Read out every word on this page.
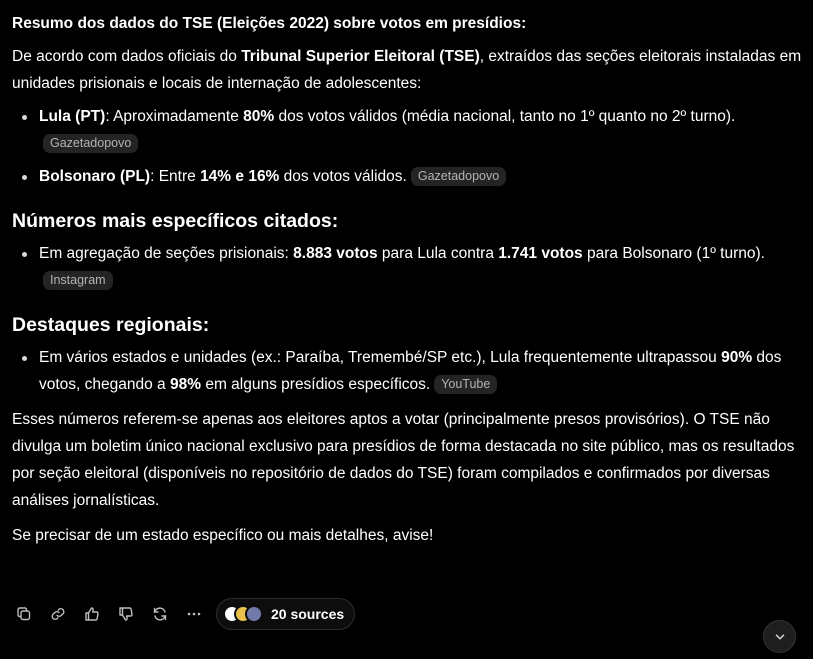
Resumo dos dados do TSE (Eleições 2022) sobre votos em presídios:

De acordo com dados oficiais do Tribunal Superior Eleitoral (TSE), extraídos das seções eleitorais instaladas em unidades prisionais e locais de internação de adolescentes:

Lula (PT): Aproximadamente 80% dos votos válidos (média nacional, tanto no 1º quanto no 2º turno).Gazetadopovo
Bolsonaro (PL): Entre 14% e 16% dos votos válidos. Gazetadopovo
Números mais específicos citados:
Em agregação de seções prisionais: 8.883 votos para Lula contra 1.741 votos para Bolsonaro (1º turno).Instagram
Destaques regionais:
Em vários estados e unidades (ex.: Paraíba, Tremembé/SP etc.), Lula frequentemente ultrapassou 90% dos votos, chegando a 98% em alguns presídios específicos. YouTube

Esses números referem-se apenas aos eleitores aptos a votar (principalmente presos provisórios). O TSE não divulga um boletim único nacional exclusivo para presídios de forma destacada no site público, mas os resultados por seção eleitoral (disponíveis no repositório de dados do TSE) foram compilados e confirmados por diversas análises jornalísticas.

Se precisar de um estado específico ou mais detalhes, avise!

20 sources
